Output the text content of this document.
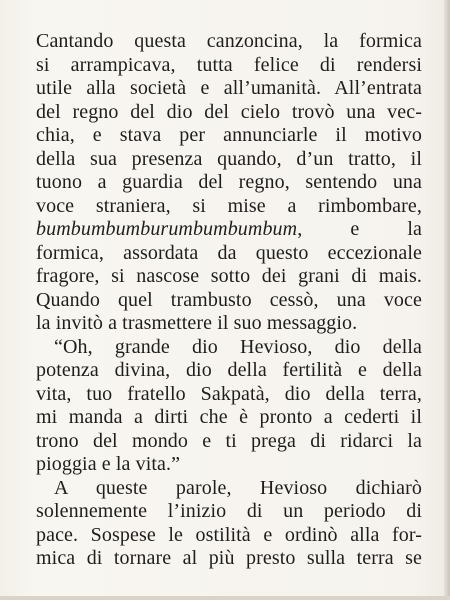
Cantando questa canzoncina, la formica
si arrampicava, tutta felice di rendersi
utile alla società e all’umanità. All’entrata
del regno del dio del cielo trovò una vec-
chia, e stava per annunciarle il motivo
della sua presenza quando, d’un tratto, il
tuono a guardia del regno, sentendo una
voce straniera, si mise a rimbombare,
bumbumbumburumbumbumbum, e la
formica, assordata da questo eccezionale
fragore, si nascose sotto dei grani di mais.
Quando quel trambusto cessò, una voce
la invitò a trasmettere il suo messaggio.
“Oh, grande dio Hevioso, dio della
potenza divina, dio della fertilità e della
vita, tuo fratello Sakpatà, dio della terra,
mi manda a dirti che è pronto a cederti il
trono del mondo e ti prega di ridarci la
pioggia e la vita.”
A queste parole, Hevioso dichiarò
solennemente l’inizio di un periodo di
pace. Sospese le ostilità e ordinò alla for-
mica di tornare al più presto sulla terra se
